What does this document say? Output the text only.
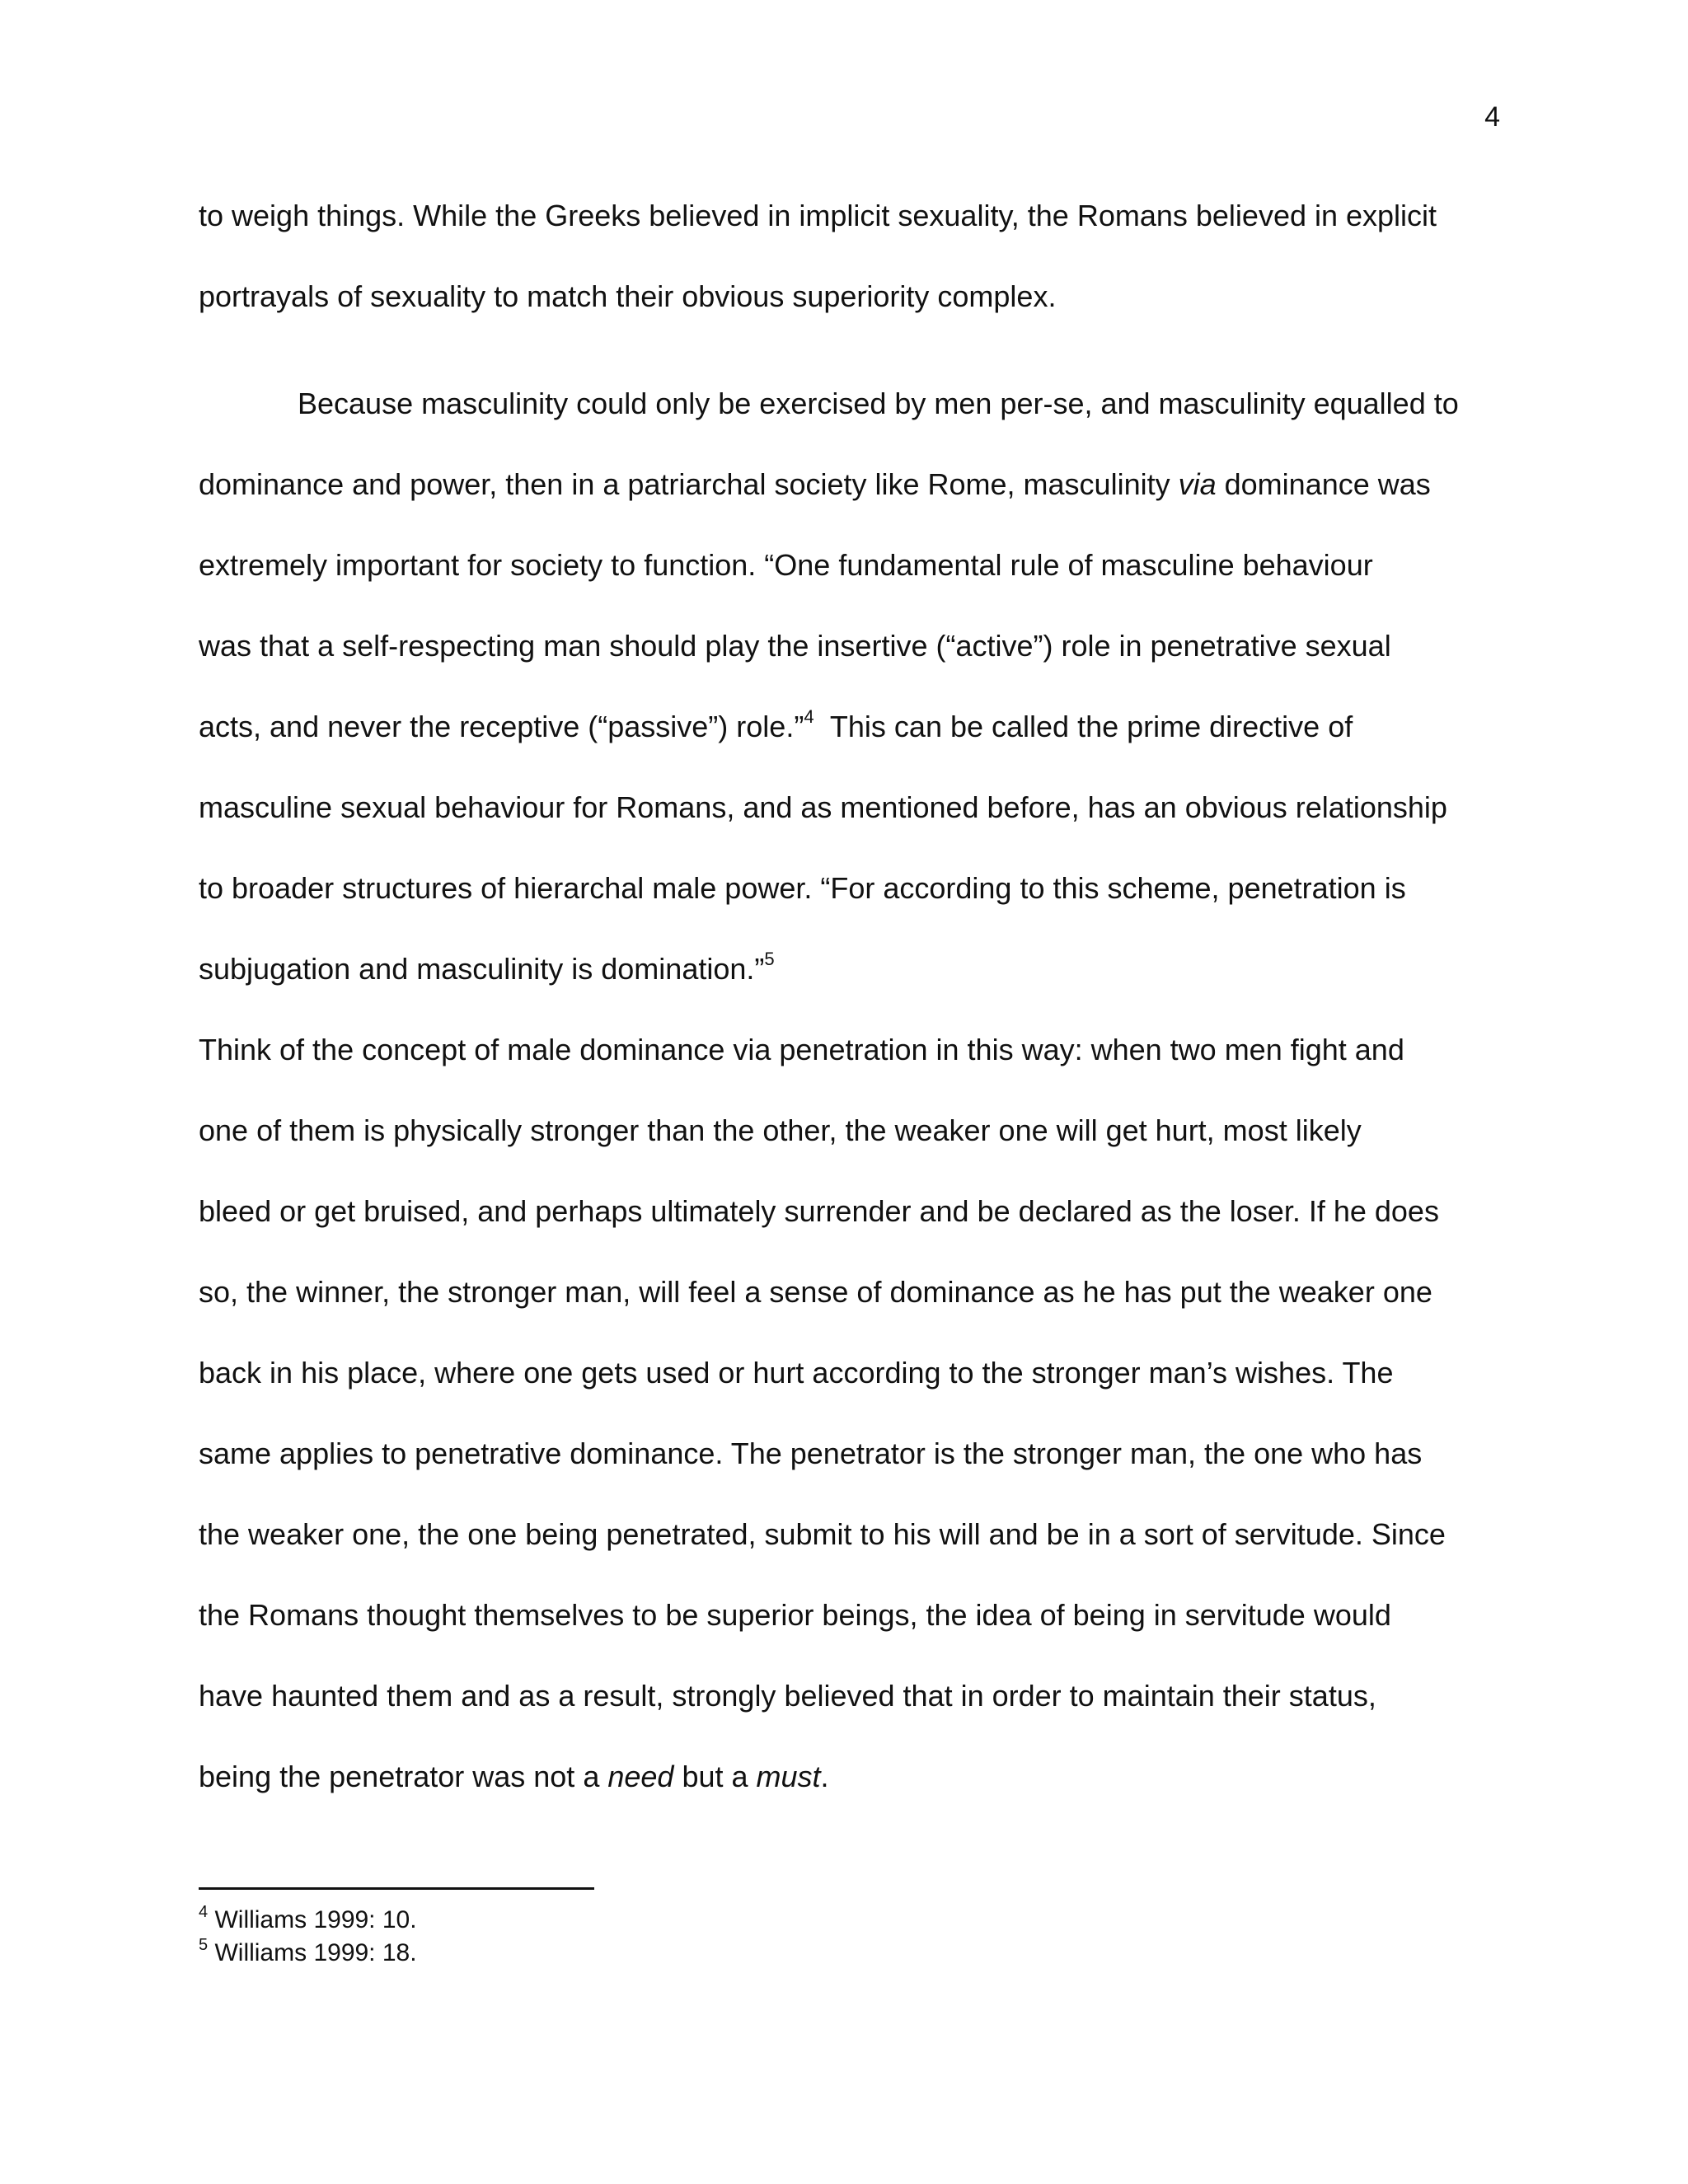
4
to weigh things. While the Greeks believed in implicit sexuality, the Romans believed in explicit
portrayals of sexuality to match their obvious superiority complex.
Because masculinity could only be exercised by men per-se, and masculinity equalled to
dominance and power, then in a patriarchal society like Rome, masculinity via dominance was
extremely important for society to function. “One fundamental rule of masculine behaviour
was that a self-respecting man should play the insertive (“active”) role in penetrative sexual
acts, and never the receptive (“passive”) role.”$^4$  This can be called the prime directive of
masculine sexual behaviour for Romans, and as mentioned before, has an obvious relationship
to broader structures of hierarchal male power. “For according to this scheme, penetration is
subjugation and masculinity is domination.”$^5$
Think of the concept of male dominance via penetration in this way: when two men fight and
one of them is physically stronger than the other, the weaker one will get hurt, most likely
bleed or get bruised, and perhaps ultimately surrender and be declared as the loser. If he does
so, the winner, the stronger man, will feel a sense of dominance as he has put the weaker one
back in his place, where one gets used or hurt according to the stronger man’s wishes. The
same applies to penetrative dominance. The penetrator is the stronger man, the one who has
the weaker one, the one being penetrated, submit to his will and be in a sort of servitude. Since
the Romans thought themselves to be superior beings, the idea of being in servitude would
have haunted them and as a result, strongly believed that in order to maintain their status,
being the penetrator was not a need but a must.
$^4$ Williams 1999: 10.
$^5$ Williams 1999: 18.
